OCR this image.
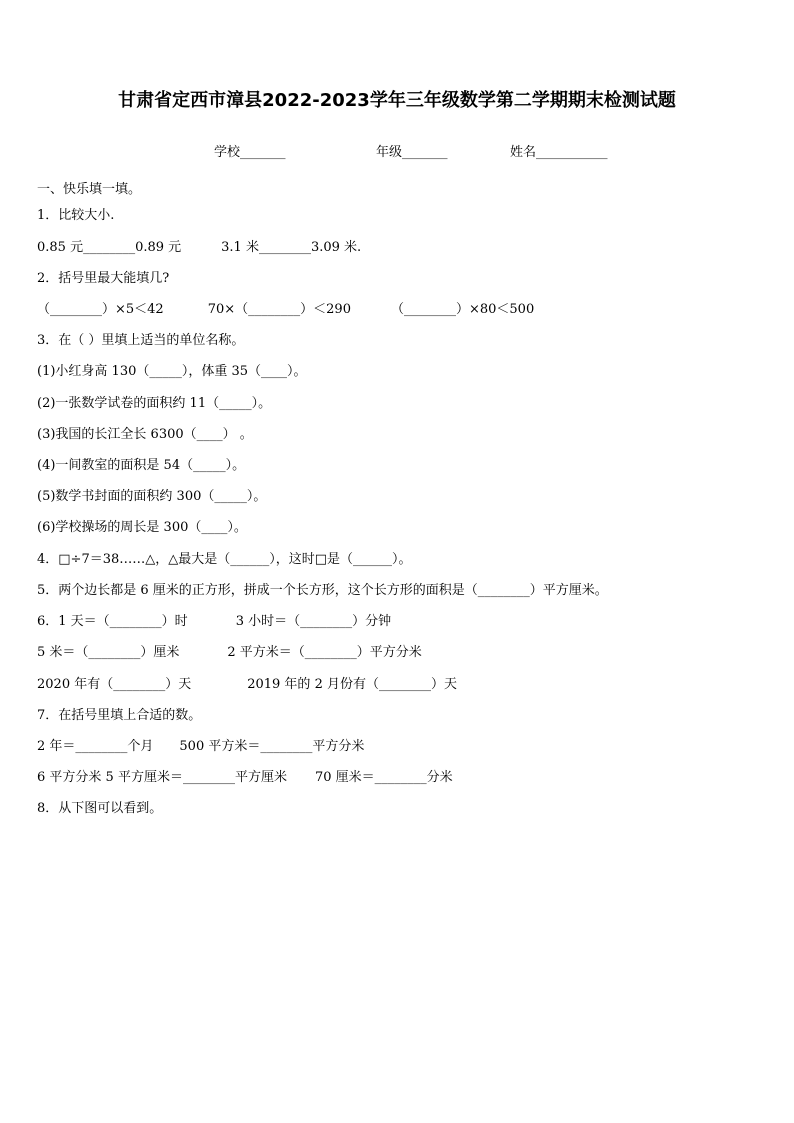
甘肃省定西市漳县2022-2023学年三年级数学第二学期期末检测试题
学校_______	年级_______	姓名___________
一、快乐填一填。
1．比较大小.
0.85 元________0.89 元	3.1 米________3.09 米.
2．括号里最大能填几?
（________）×5＜42	70×（________）＜290	（________）×80＜500
3．在（ ）里填上适当的单位名称。
(1)小红身高 130（_____），体重 35（____）。
(2)一张数学试卷的面积约 11（_____）。
(3)我国的长江全长 6300（____） 。
(4)一间教室的面积是 54（_____）。
(5)数学书封面的面积约 300（_____）。
(6)学校操场的周长是 300（____）。
4．□÷7＝38……△，△最大是（______），这时□是（______）。
5．两个边长都是 6 厘米的正方形，拼成一个长方形，这个长方形的面积是（________）平方厘米。
6．1 天＝（________）时	3 小时＝（________）分钟
5 米＝（________）厘米	2 平方米＝（________）平方分米
2020 年有（________）天	2019 年的 2 月份有（________）天
7．在括号里填上合适的数。
2 年＝________个月 500 平方米＝________平方分米
6 平方分米 5 平方厘米＝________平方厘米 70 厘米＝________分米
8．从下图可以看到。
